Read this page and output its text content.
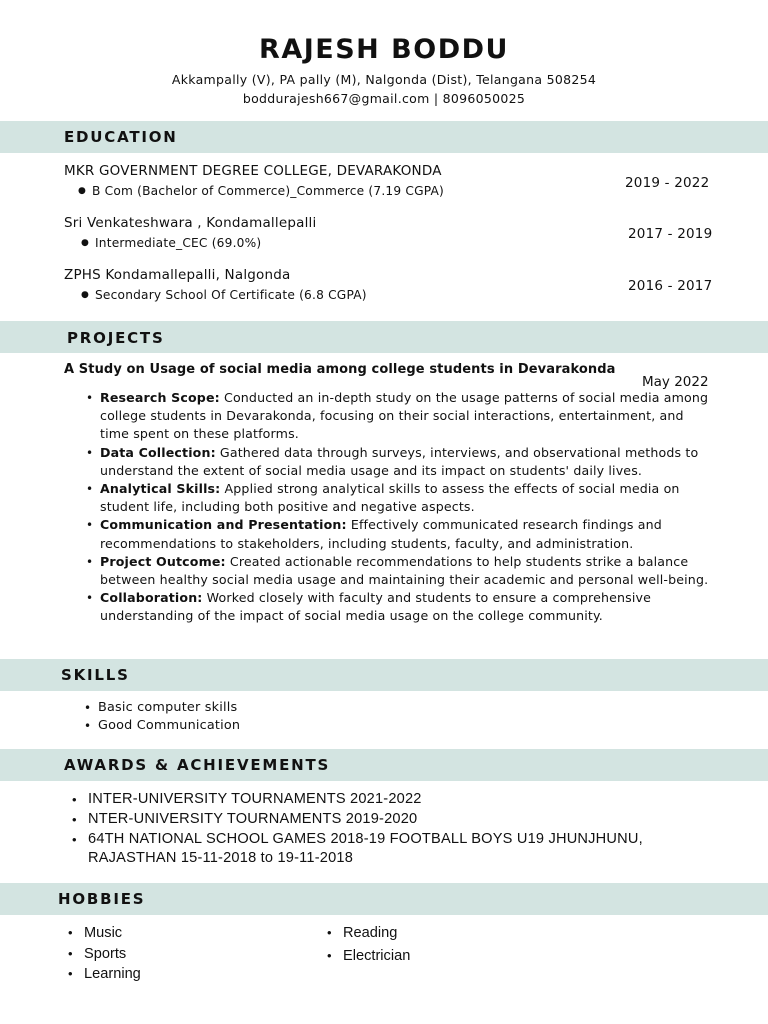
RAJESH BODDU
Akkampally (V), PA pally (M), Nalgonda (Dist), Telangana 508254
boddurajesh667@gmail.com | 8096050025
EDUCATION
MKR GOVERNMENT DEGREE COLLEGE, DEVARAKONDA
● B Com (Bachelor of Commerce)_Commerce (7.19 CGPA)	2019 - 2022
Sri Venkateshwara , Kondamallepalli
● Intermediate_CEC (69.0%)
2017 - 2019
ZPHS Kondamallepalli, Nalgonda
● Secondary School Of Certificate (6.8 CGPA)
2016 - 2017
PROJECTS
A Study on Usage of social media among college students in Devarakonda
May 2022
• Research Scope: Conducted an in-depth study on the usage patterns of social media among college students in Devarakonda, focusing on their social interactions, entertainment, and time spent on these platforms.
• Data Collection: Gathered data through surveys, interviews, and observational methods to understand the extent of social media usage and its impact on students' daily lives.
• Analytical Skills: Applied strong analytical skills to assess the effects of social media on student life, including both positive and negative aspects.
• Communication and Presentation: Effectively communicated research findings and recommendations to stakeholders, including students, faculty, and administration.
• Project Outcome: Created actionable recommendations to help students strike a balance between healthy social media usage and maintaining their academic and personal well-being.
• Collaboration: Worked closely with faculty and students to ensure a comprehensive understanding of the impact of social media usage on the college community.
SKILLS
• Basic computer skills
• Good Communication
AWARDS & ACHIEVEMENTS
• INTER-UNIVERSITY TOURNAMENTS 2021-2022
• NTER-UNIVERSITY TOURNAMENTS 2019-2020
• 64TH NATIONAL SCHOOL GAMES 2018-19 FOOTBALL BOYS U19 JHUNJHUNU, RAJASTHAN 15-11-2018 to 19-11-2018
HOBBIES
• Music
• Sports
• Learning
• Reading
• Electrician
